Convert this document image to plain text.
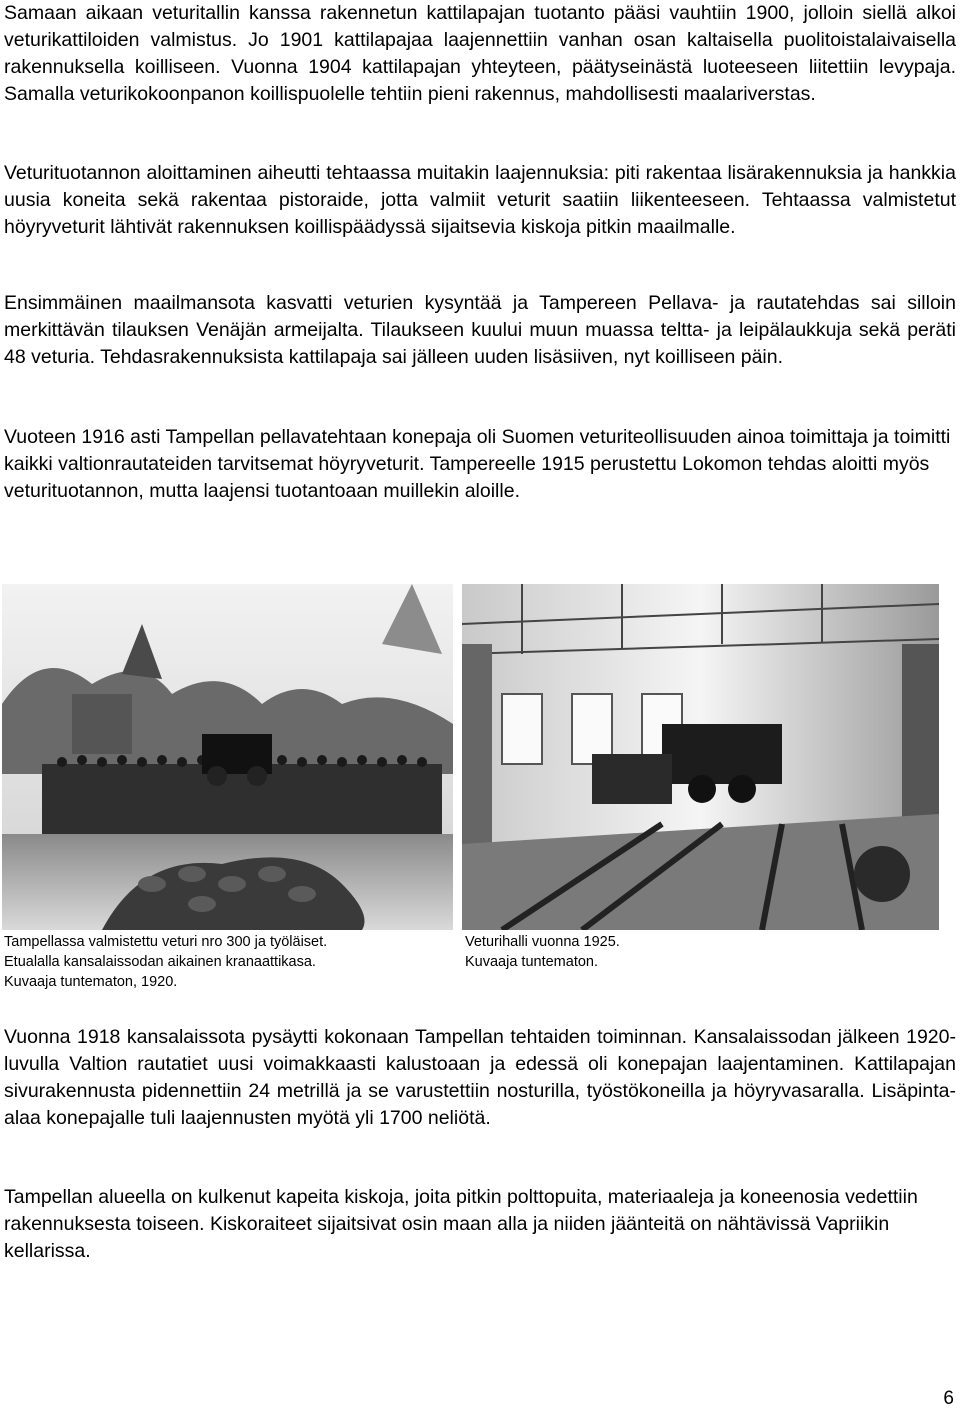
Samaan aikaan veturitallin kanssa rakennetun kattilapajan tuotanto pääsi vauhtiin 1900, jolloin siellä alkoi veturikattiloiden valmistus. Jo 1901 kattilapajaa laajennettiin vanhan osan kaltaisella puolitoistalaivaisella rakennuksella koilliseen. Vuonna 1904 kattilapajan yhteyteen, päätyseinästä luoteeseen liitettiin levypaja. Samalla veturikokoonpanon koillispuolelle tehtiin pieni rakennus, mahdollisesti maalariverstas.

Veturituotannon aloittaminen aiheutti tehtaassa muitakin laajennuksia: piti rakentaa lisärakennuksia ja hankkia uusia koneita sekä rakentaa pistoraide, jotta valmiit veturit saatiin liikenteeseen. Tehtaassa valmistetut höyryveturit lähtivät rakennuksen koillispäädyssä sijaitsevia kiskoja pitkin maailmalle.

Ensimmäinen maailmansota kasvatti veturien kysyntää ja Tampereen Pellava- ja rautatehdas sai silloin merkittävän tilauksen Venäjän armeijalta. Tilaukseen kuului muun muassa teltta- ja leipälaukkuja sekä peräti 48 veturia. Tehdasrakennuksista kattilapaja sai jälleen uuden lisäsiiven, nyt koilliseen päin.

Vuoteen 1916 asti Tampellan pellavatehtaan konepaja oli Suomen veturiteollisuuden ainoa toimittaja ja toimitti kaikki valtionrautateiden tarvitsemat höyryveturit. Tampereelle 1915 perustettu Lokomon tehdas aloitti myös veturituotannon, mutta laajensi tuotantoaan muillekin aloille.

Tampellassa valmistettu veturi nro 300 ja työläiset.
Etualalla kansalaissodan aikainen kranaattikasa.
Kuvaaja tuntematon, 1920.
Veturihalli vuonna 1925.
Kuvaaja tuntematon.

Vuonna 1918 kansalaissota pysäytti kokonaan Tampellan tehtaiden toiminnan. Kansalaissodan jälkeen 1920-luvulla Valtion rautatiet uusi voimakkaasti kalustoaan ja edessä oli konepajan laajentaminen. Kattilapajan sivurakennusta pidennettiin 24 metrillä ja se varustettiin nosturilla, työstökoneilla ja höyryvasaralla. Lisäpinta-alaa konepajalle tuli laajennusten myötä yli 1700 neliötä.

Tampellan alueella on kulkenut kapeita kiskoja, joita pitkin polttopuita, materiaaleja ja koneenosia vedettiin rakennuksesta toiseen. Kiskoraiteet sijaitsivat osin maan alla ja niiden jäänteitä on nähtävissä Vapriikin kellarissa.

6
